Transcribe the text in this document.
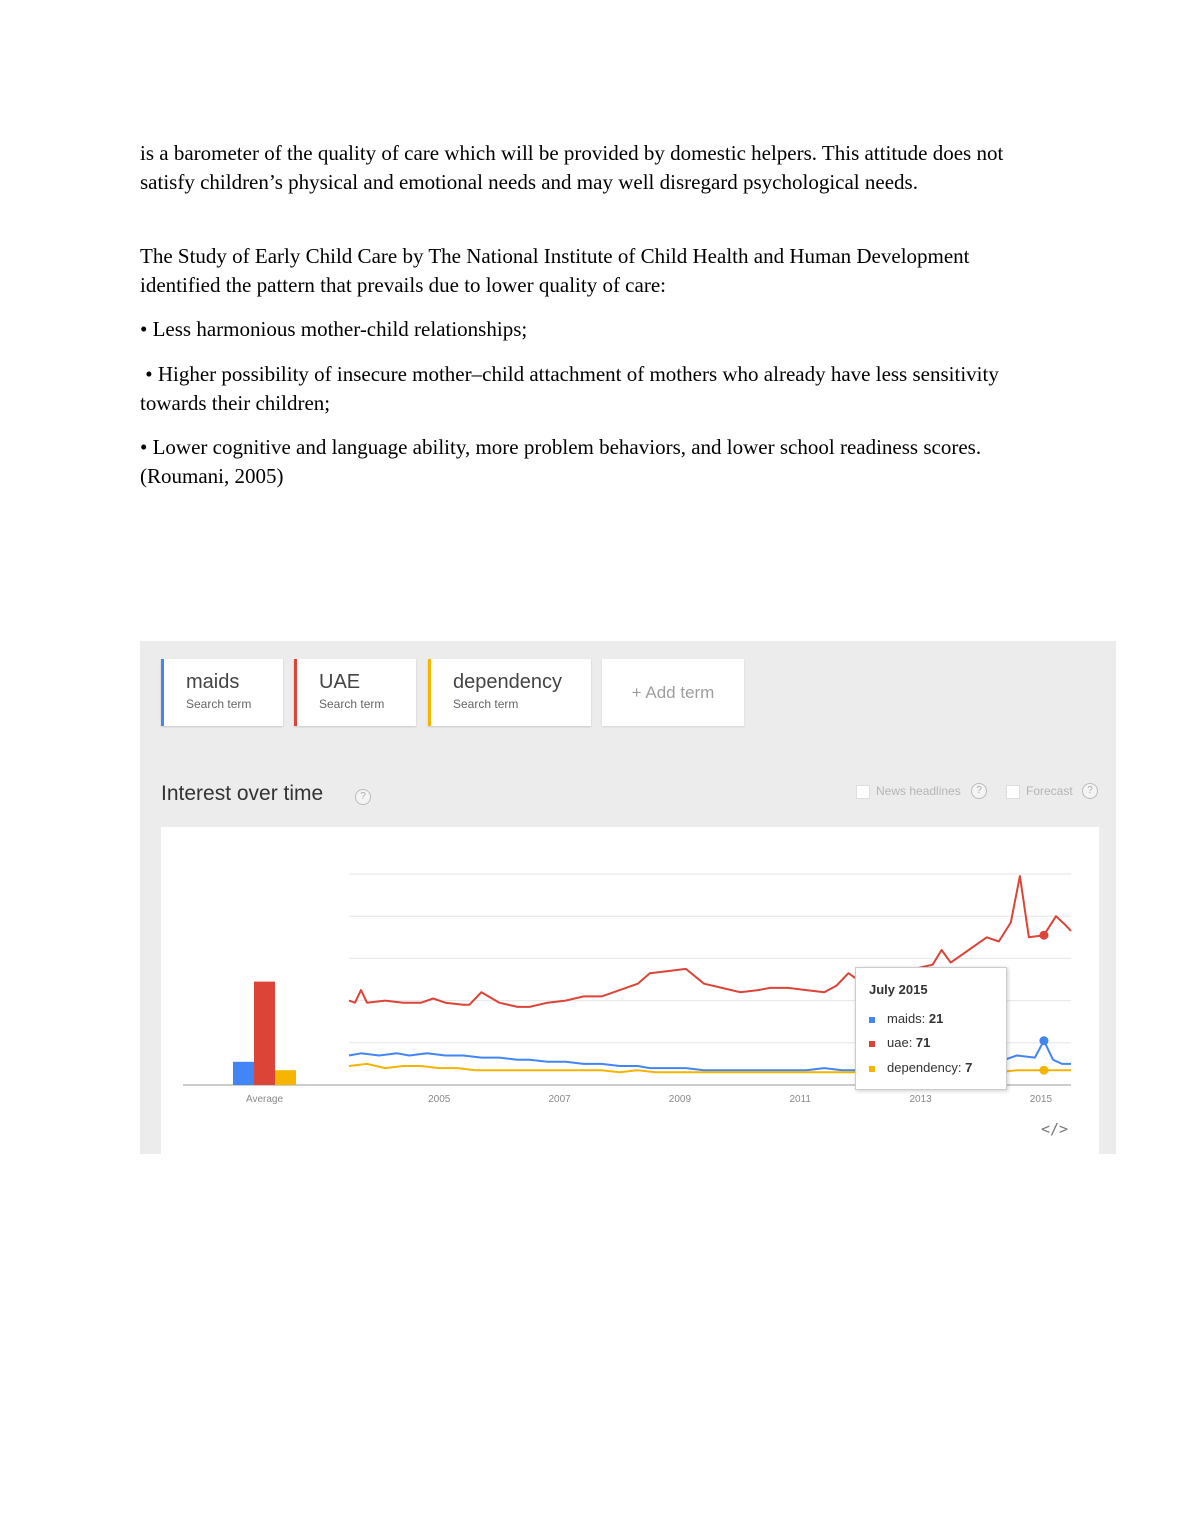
is a barometer of the quality of care which will be provided by domestic helpers. This attitude does not satisfy children’s physical and emotional needs and may well disregard psychological needs.

The Study of Early Child Care by The National Institute of Child Health and Human Development identified the pattern that prevails due to lower quality of care:

• Less harmonious mother-child relationships;

• Higher possibility of insecure mother–child attachment of mothers who already have less sensitivity towards their children;

• Lower cognitive and language ability, more problem behaviors, and lower school readiness scores. (Roumani, 2005)

maids
Search term
UAE
Search term
dependency
Search term
+ Add term
Interest over time	?	News headlines	?	Forecast	?
Average	2005	2007	2009	2011	2013	2015
July 2015
maids: 21
uae: 71
dependency: 7
</>
